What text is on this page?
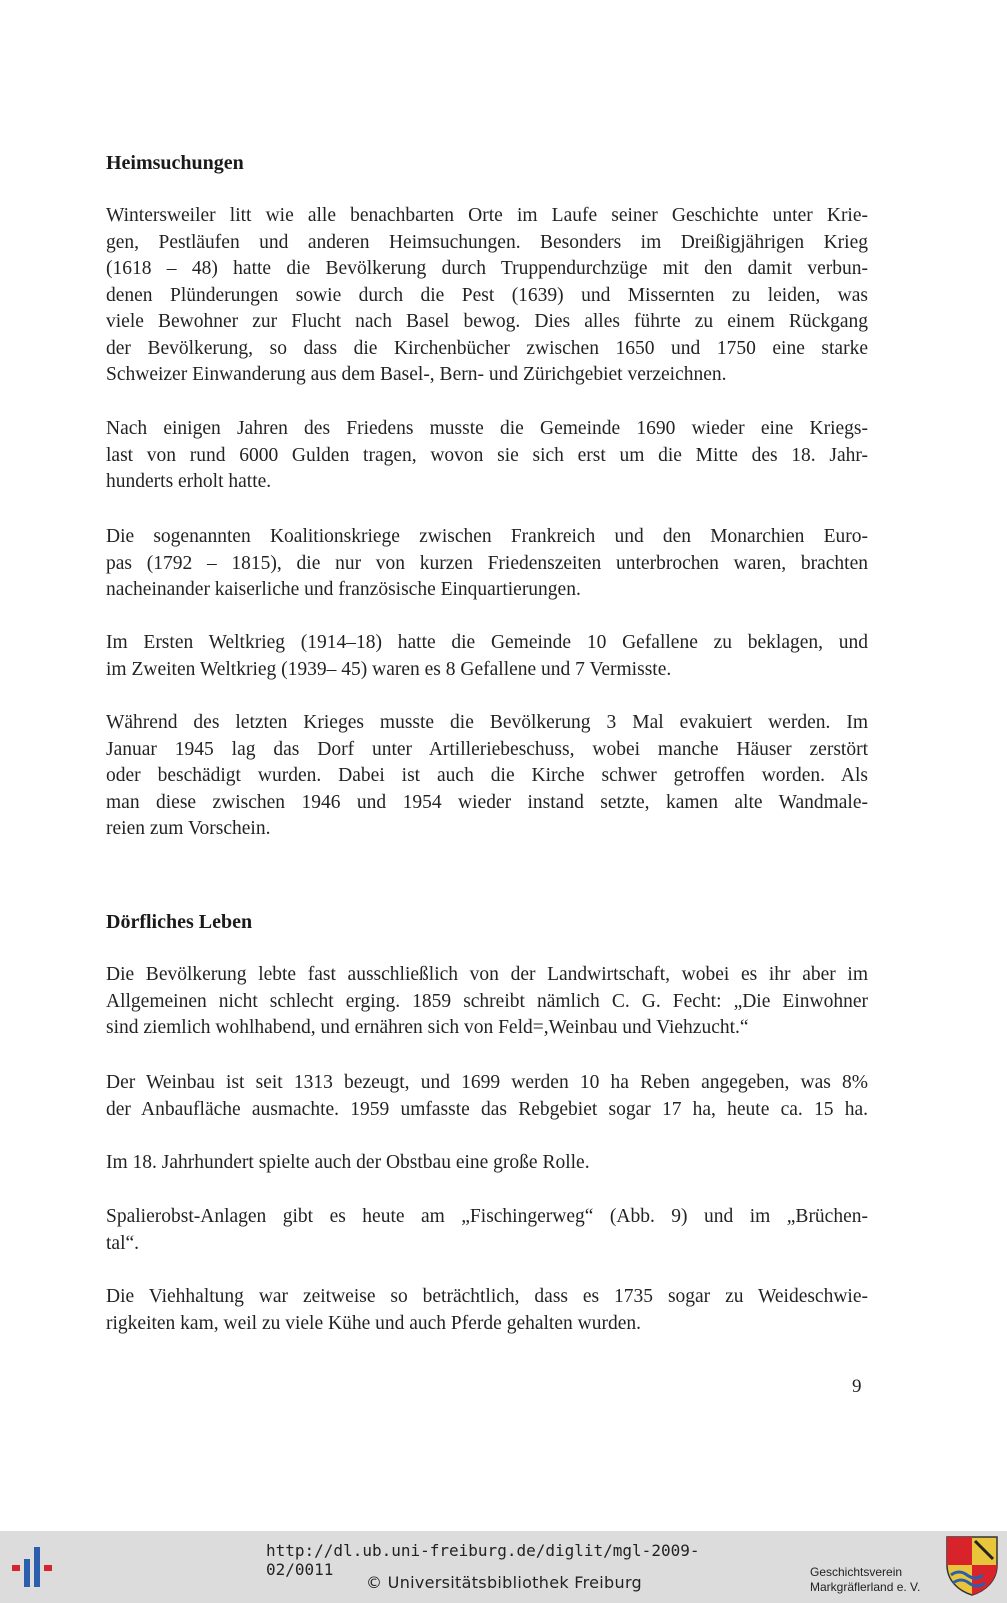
Heimsuchungen

Wintersweiler litt wie alle benachbarten Orte im Laufe seiner Geschichte unter Krie-
gen, Pestläufen und anderen Heimsuchungen. Besonders im Dreißigjährigen Krieg
(1618 – 48) hatte die Bevölkerung durch Truppendurchzüge mit den damit verbun-
denen Plünderungen sowie durch die Pest (1639) und Missernten zu leiden, was
viele Bewohner zur Flucht nach Basel bewog. Dies alles führte zu einem Rückgang
der Bevölkerung, so dass die Kirchenbücher zwischen 1650 und 1750 eine starke
Schweizer Einwanderung aus dem Basel-, Bern- und Zürichgebiet verzeichnen.

Nach einigen Jahren des Friedens musste die Gemeinde 1690 wieder eine Kriegs-
last von rund 6000 Gulden tragen, wovon sie sich erst um die Mitte des 18. Jahr-
hunderts erholt hatte.

Die sogenannten Koalitionskriege zwischen Frankreich und den Monarchien Euro-
pas (1792 – 1815), die nur von kurzen Friedenszeiten unterbrochen waren, brachten
nacheinander kaiserliche und französische Einquartierungen.

Im Ersten Weltkrieg (1914–18) hatte die Gemeinde 10 Gefallene zu beklagen, und
im Zweiten Weltkrieg (1939– 45) waren es 8 Gefallene und 7 Vermisste.

Während des letzten Krieges musste die Bevölkerung 3 Mal evakuiert werden. Im
Januar 1945 lag das Dorf unter Artilleriebeschuss, wobei manche Häuser zerstört
oder beschädigt wurden. Dabei ist auch die Kirche schwer getroffen worden. Als
man diese zwischen 1946 und 1954 wieder instand setzte, kamen alte Wandmale-
reien zum Vorschein.

Dörfliches Leben

Die Bevölkerung lebte fast ausschließlich von der Landwirtschaft, wobei es ihr aber im
Allgemeinen nicht schlecht erging. 1859 schreibt nämlich C. G. Fecht: „Die Einwohner
sind ziemlich wohlhabend, und ernähren sich von Feld=,Weinbau und Viehzucht.“

Der Weinbau ist seit 1313 bezeugt, und 1699 werden 10 ha Reben angegeben, was 8%
der Anbaufläche ausmachte. 1959 umfasste das Rebgebiet sogar 17 ha, heute ca. 15 ha.

Im 18. Jahrhundert spielte auch der Obstbau eine große Rolle.

Spalierobst-Anlagen gibt es heute am „Fischingerweg“ (Abb. 9) und im „Brüchen-
tal“.

Die Viehhaltung war zeitweise so beträchtlich, dass es 1735 sogar zu Weideschwie-
rigkeiten kam, weil zu viele Kühe und auch Pferde gehalten wurden.

9

http://dl.ub.uni-freiburg.de/diglit/mgl-2009-02/0011
© Universitätsbibliothek Freiburg
Geschichtsverein
Markgräflerland e. V.
